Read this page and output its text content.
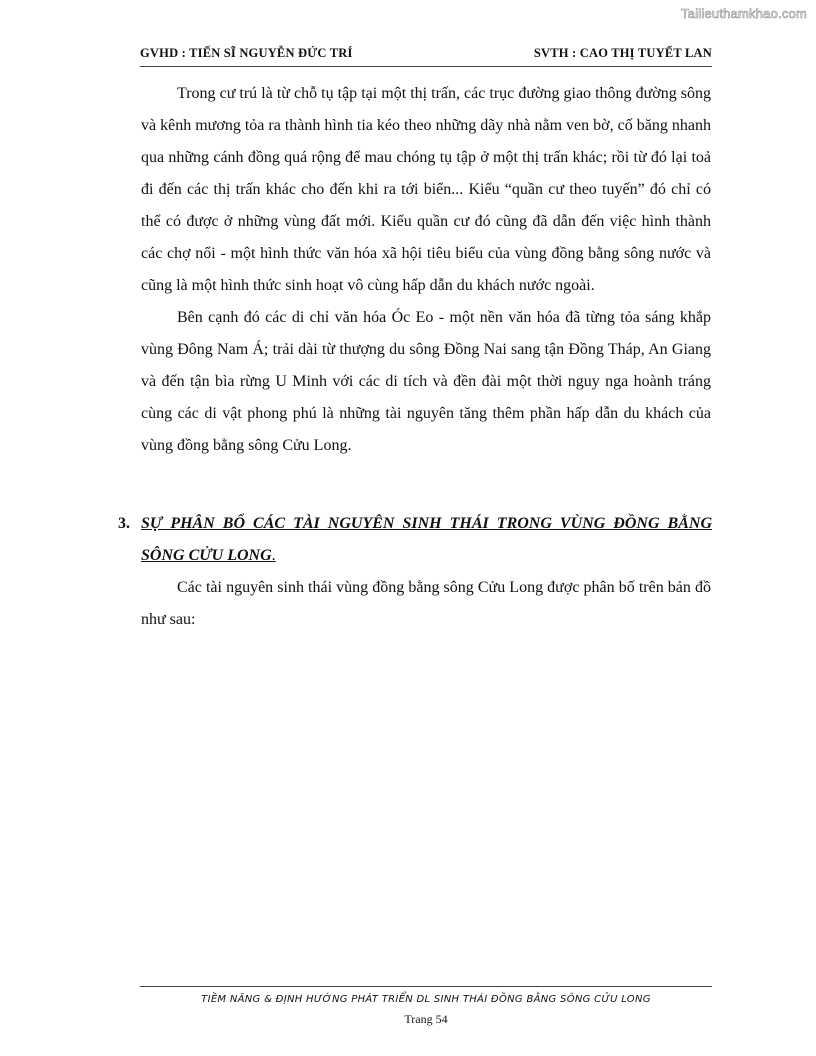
Tailieuthamkhao.com
GVHD : TIẾN SĨ NGUYỄN ĐỨC TRÍ	SVTH : CAO THỊ TUYẾT LAN

Trong cư trú là từ chỗ tụ tập tại một thị trấn, các trục đường giao thông đường sông và kênh mương tỏa ra thành hình tia kéo theo những dãy nhà nằm ven bờ, cố băng nhanh qua những cánh đồng quá rộng để mau chóng tụ tập ở một thị trấn khác; rồi từ đó lại toả đi đến các thị trấn khác cho đến khi ra tới biển... Kiểu “quần cư theo tuyến” đó chỉ có thể có được ở những vùng đất mới. Kiểu quần cư đó cũng đã dẫn đến việc hình thành các chợ nổi - một hình thức văn hóa xã hội tiêu biểu của vùng đồng bằng sông nước và cũng là một hình thức sinh hoạt vô cùng hấp dẫn du khách nước ngoài.

Bên cạnh đó các di chỉ văn hóa Óc Eo - một nền văn hóa đã từng tỏa sáng khắp vùng Đông Nam Á; trải dài từ thượng du sông Đồng Nai sang tận Đồng Tháp, An Giang và đến tận bìa rừng U Minh với các di tích và đền đài một thời nguy nga hoành tráng cùng các di vật phong phú là những tài nguyên tăng thêm phần hấp dẫn du khách của vùng đồng bằng sông Cửu Long.

3. SỰ PHÂN BỔ CÁC TÀI NGUYÊN SINH THÁI TRONG VÙNG ĐỒNG BẰNG SÔNG CỬU LONG.

Các tài nguyên sinh thái vùng đồng bằng sông Cửu Long được phân bố trên bản đồ như sau:

TIỀM NĂNG & ĐỊNH HƯỚNG PHÁT TRIỂN DL SINH THÁI ĐỒNG BẰNG SÔNG CỬU LONG
Trang 54
